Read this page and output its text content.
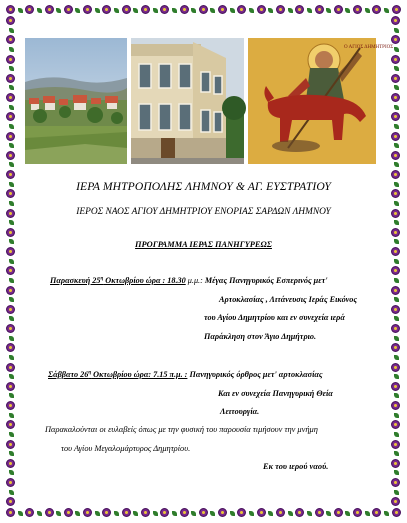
Ο ΑΓΙΟΣ ΔΗΜΗΤΡΙΟΣ
ΙΕΡΑ ΜΗΤΡΟΠΟΛΗΣ ΛΗΜΝΟΥ & ΑΓ. ΕΥΣΤΡΑΤΙΟΥ
ΙΕΡΟΣ ΝΑΟΣ ΑΓΙΟΥ ΔΗΜΗΤΡΙΟΥ ΕΝΟΡΙΑΣ ΣΑΡΔΩΝ ΛΗΜΝΟΥ
ΠΡΟΓΡΑΜΜΑ ΙΕΡΑΣ ΠΑΝΗΓΥΡΕΩΣ
Παρασκευή $25^\eta$ Οκτωβρίου ώρα : 18.30 μ.μ.: Μέγας Πανηγυρικός Εσπερινός μετ'
Αρτοκλασίας , Λιτάνευσις Ιεράς Εικόνος
του Αγίου Δημητρίου και εν συνεχεία ιερά
Παράκληση στον Άγιο Δημήτριο.
Σάββατο $26^\eta$ Οκτωβρίου ώρα: 7.15 π.μ. : Πανηγυρικός όρθρος μετ' αρτοκλασίας
Και εν συνεχεία Πανηγυρική Θεία
Λειτουργία.
Παρακαλούνται οι ευλαβείς όπως με την φυσική του παρουσία τιμήσουν την μνήμη
του Αγίου Μεγαλομάρτυρος Δημητρίου.
Εκ του ιερού ναού.
